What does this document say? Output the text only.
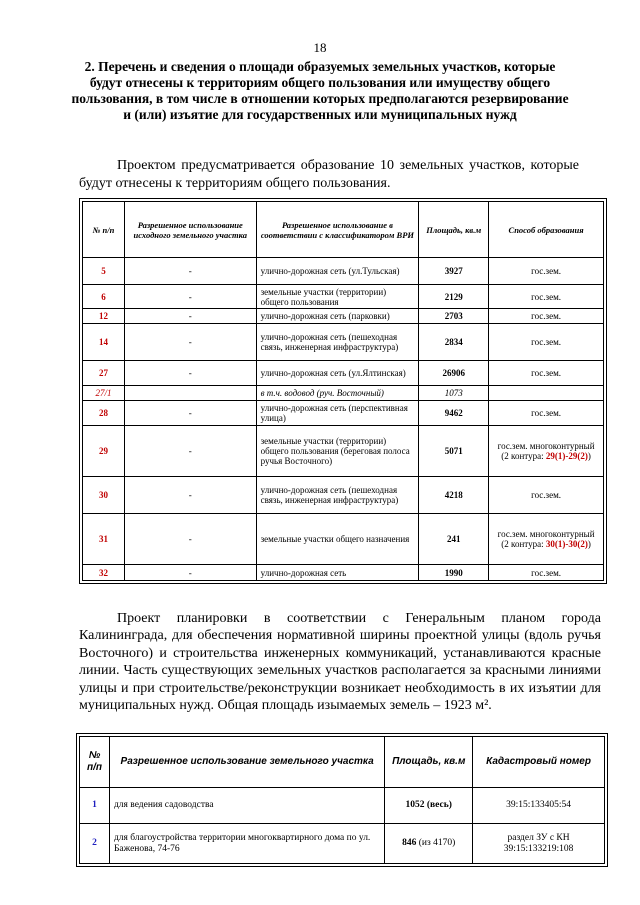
18
2. Перечень и сведения о площади образуемых земельных участков, которые будут отнесены к территориям общего пользования или имуществу общего пользования, в том числе в отношении которых предполагаются резервирование и (или) изъятие для государственных или муниципальных нужд
Проектом предусматривается образование 10 земельных участков, которые будут отнесены к территориям общего пользования.
№ п/п	Разрешенное использование исходного земельного участка	Разрешенное использование в соответствии с классификатором ВРИ	Площадь, кв.м	Способ образования
5	-	улично-дорожная сеть (ул.Тульская)	3927	гос.зем.
6	-	земельные участки (территории) общего пользования	2129	гос.зем.
12	-	улично-дорожная сеть (парковки)	2703	гос.зем.
14	-	улично-дорожная сеть (пешеходная связь, инженерная инфраструктура)	2834	гос.зем.
27	-	улично-дорожная сеть (ул.Ялтинская)	26906	гос.зем.
27/1		в т.ч. водовод (руч. Восточный)	1073	
28	-	улично-дорожная сеть (перспективная улица)	9462	гос.зем.
29	-	земельные участки (территории) общего пользования (береговая полоса ручья Восточного)	5071	гос.зем. многоконтурный (2 контура: 29(1)-29(2))
30	-	улично-дорожная сеть (пешеходная связь, инженерная инфраструктура)	4218	гос.зем.
31	-	земельные участки общего назначения	241	гос.зем. многоконтурный (2 контура: 30(1)-30(2))
32	-	улично-дорожная сеть	1990	гос.зем.
Проект планировки в соответствии с Генеральным планом города Калининграда, для обеспечения нормативной ширины проектной улицы (вдоль ручья Восточного) и строительства инженерных коммуникаций, устанавливаются красные линии. Часть существующих земельных участков располагается за красными линиями улицы и при строительстве/реконструкции возникает необходимость в их изъятии для муниципальных нужд. Общая площадь изымаемых земель – 1923 м².
№ п/п	Разрешенное использование земельного участка	Площадь, кв.м	Кадастровый номер
1	для ведения садоводства	1052 (весь)	39:15:133405:54
2	для благоустройства территории многоквартирного дома по ул. Баженова, 74-76	846 (из 4170)	раздел ЗУ с КН 39:15:133219:108
